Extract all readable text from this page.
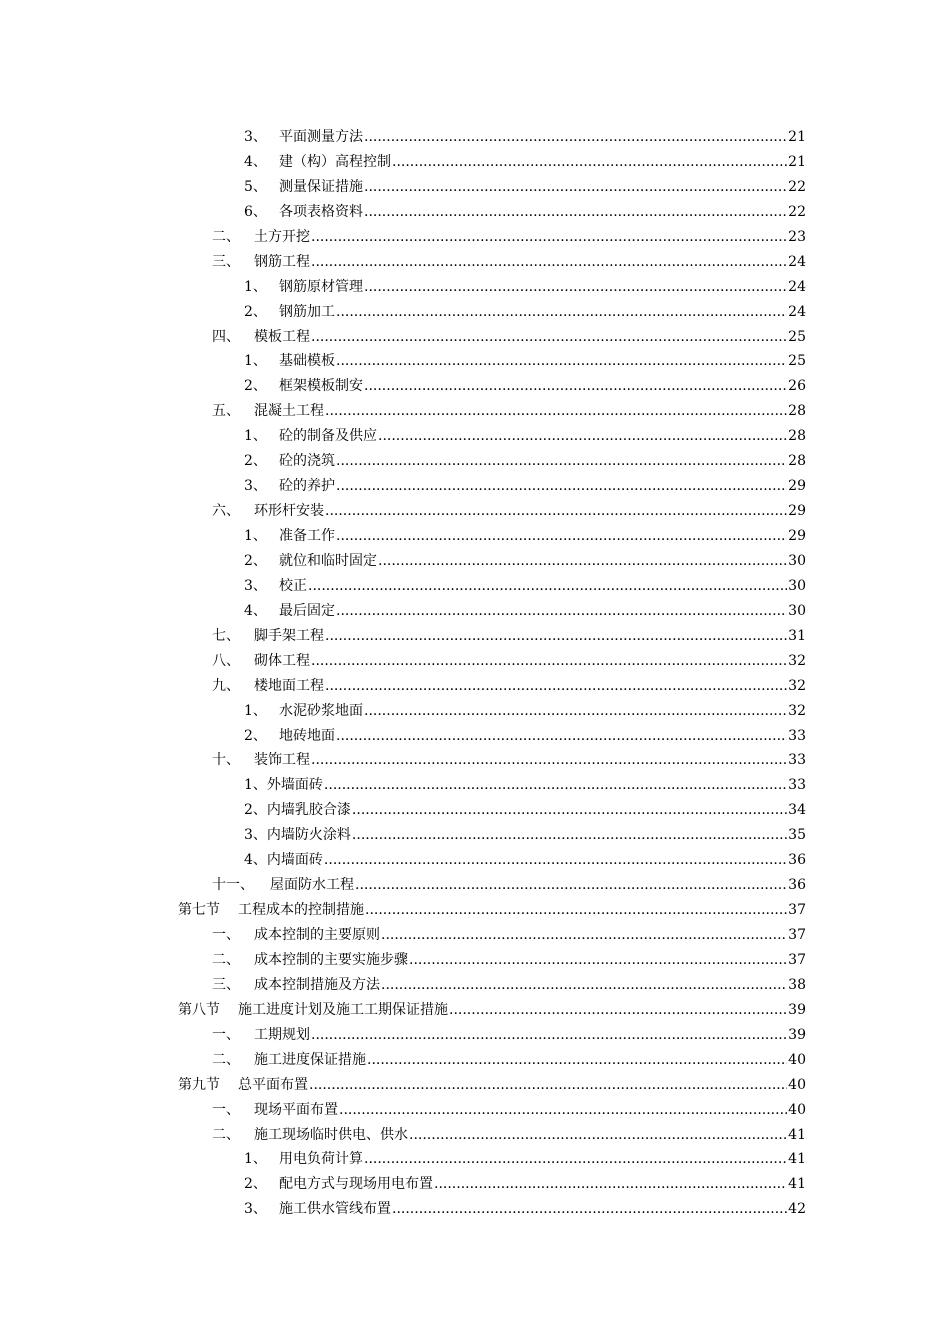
3、 平面测量方法 .....	21
4、 建（构）高程控制 .....	21
5、 测量保证措施 .....	22
6、 各项表格资料 .....	22
二、	土方开挖 .....	23
三、	钢筋工程 .....	24
1、 钢筋原材管理 .....	24
2、 钢筋加工 .....	24
四、	模板工程 .....	25
1、 基础模板 .....	25
2、 框架模板制安 .....	26
五、	混凝土工程 .....	28
1、 砼的制备及供应 .....	28
2、 砼的浇筑 .....	28
3、 砼的养护 .....	29
六、	环形杆安装 .....	29
1、 准备工作 .....	29
2、 就位和临时固定 .....	30
3、 校正 .....	30
4、 最后固定 .....	30
七、	脚手架工程 .....	31
八、	砌体工程 .....	32
九、	楼地面工程 .....	32
1、 水泥砂浆地面 .....	32
2、 地砖地面 .....	33
十、	装饰工程 .....	33
1、 外墙面砖 .....	33
2、 内墙乳胶合漆 .....	34
3、 内墙防火涂料 .....	35
4、 内墙面砖 .....	36
十一、	屋面防水工程 .....	36
第七节	工程成本的控制措施 .....	37
一、	成本控制的主要原则 .....	37
二、	成本控制的主要实施步骤 .....	37
三、	成本控制措施及方法 .....	38
第八节	施工进度计划及施工工期保证措施 .....	39
一、	工期规划 .....	39
二、	施工进度保证措施 .....	40
第九节	总平面布置 .....	40
一、	现场平面布置 .....	40
二、	施工现场临时供电、供水 .....	41
1、 用电负荷计算 .....	41
2、 配电方式与现场用电布置 .....	41
3、 施工供水管线布置 .....	42
